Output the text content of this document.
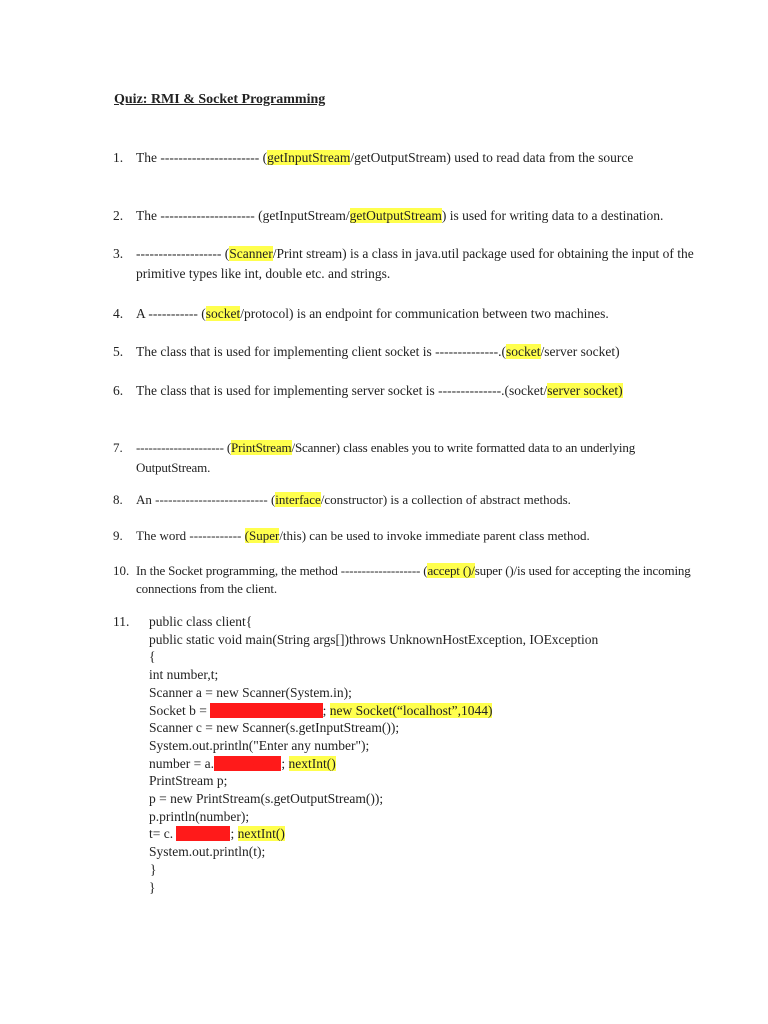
Quiz: RMI & Socket Programming
1. The ---------------------- (getInputStream/getOutputStream) used to read data from the source
2. The --------------------- (getInputStream/getOutputStream) is used for writing data to a destination.
3. ------------------- (Scanner/Print stream) is a class in java.util package used for obtaining the input of the primitive types like int, double etc. and strings.
4. A ----------- (socket/protocol) is an endpoint for communication between two machines.
5. The class that is used for implementing client socket is --------------.(socket/server socket)
6. The class that is used for implementing server socket is --------------.(socket/server socket)
7. --------------------- (PrintStream/Scanner) class enables you to write formatted data to an underlying OutputStream.
8. An -------------------------- (interface/constructor) is a collection of abstract methods.
9. The word ------------ (Super/this) can be used to invoke immediate parent class method.
10. In the Socket programming, the method ------------------- (accept ()/super ()/is used for accepting the incoming connections from the client.
11. public class client{
public static void main(String args[])throws UnknownHostException, IOException
{
int number,t;
Scanner a = new Scanner(System.in);
Socket b = -------------------------; new Socket(“localhost”,1044)
Scanner c = new Scanner(s.getInputStream());
System.out.println("Enter any number");
number = a.---------------; nextInt()
PrintStream p;
p = new PrintStream(s.getOutputStream());
p.println(number);
t= c. ------------; nextInt()
System.out.println(t);
}
}
